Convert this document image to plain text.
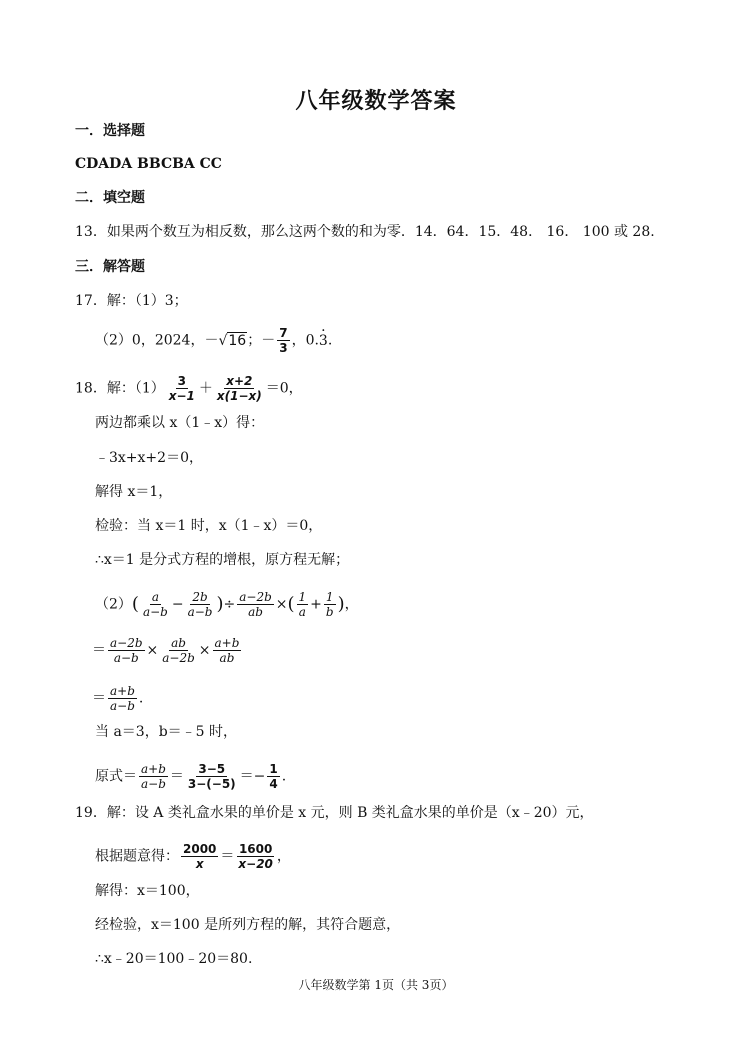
八年级数学答案
一．选择题
CDADA BBCBA CC
二．填空题
13．如果两个数互为相反数，那么这两个数的和为零．14．64．15．48． 16． 100 或 28.
三．解答题
17．解：（1）3；
（2）0，2024，－√16；－ $\frac{7}{3}$ ，0.· 3.
18．解：$(1) \frac{3}{x-1} + \frac{x+2}{x(1-x)} =0$，
两边都乘以 x（1﹣x）得：
﹣3x+x+2＝0，
解得 x＝1，
检验：当 x＝1 时，x（1﹣x）＝0，
∴x＝1 是分式方程的增根，原方程无解；
$(2)( \frac{a}{a-b} - \frac{2b}{a-b}$ )÷ $\frac{a-2b}{ab}$ ×( $\frac{1}{a} + \frac{1}{b}$ )，
＝ $\frac{a-2b}{a-b} \times \frac{ab}{a-2b} \times \frac{a+b}{ab}$
＝ $\frac{a+b}{a-b}$ .
当 a＝3，b＝﹣5 时，
原式＝ $\frac{a+b}{a-b} = \frac{3-5}{3-(-5)} =- \frac{1}{4}$ .
19．解：设 A 类礼盒水果的单价是 x 元，则 B 类礼盒水果的单价是（x﹣20）元，
根据题意得： $\frac{2000}{x} = \frac{1600}{x-20}$ ，
解得：x＝100，
经检验，x＝100 是所列方程的解，其符合题意，
∴x﹣20＝100﹣20＝80.
八年级数学第 1页（共 3页）
